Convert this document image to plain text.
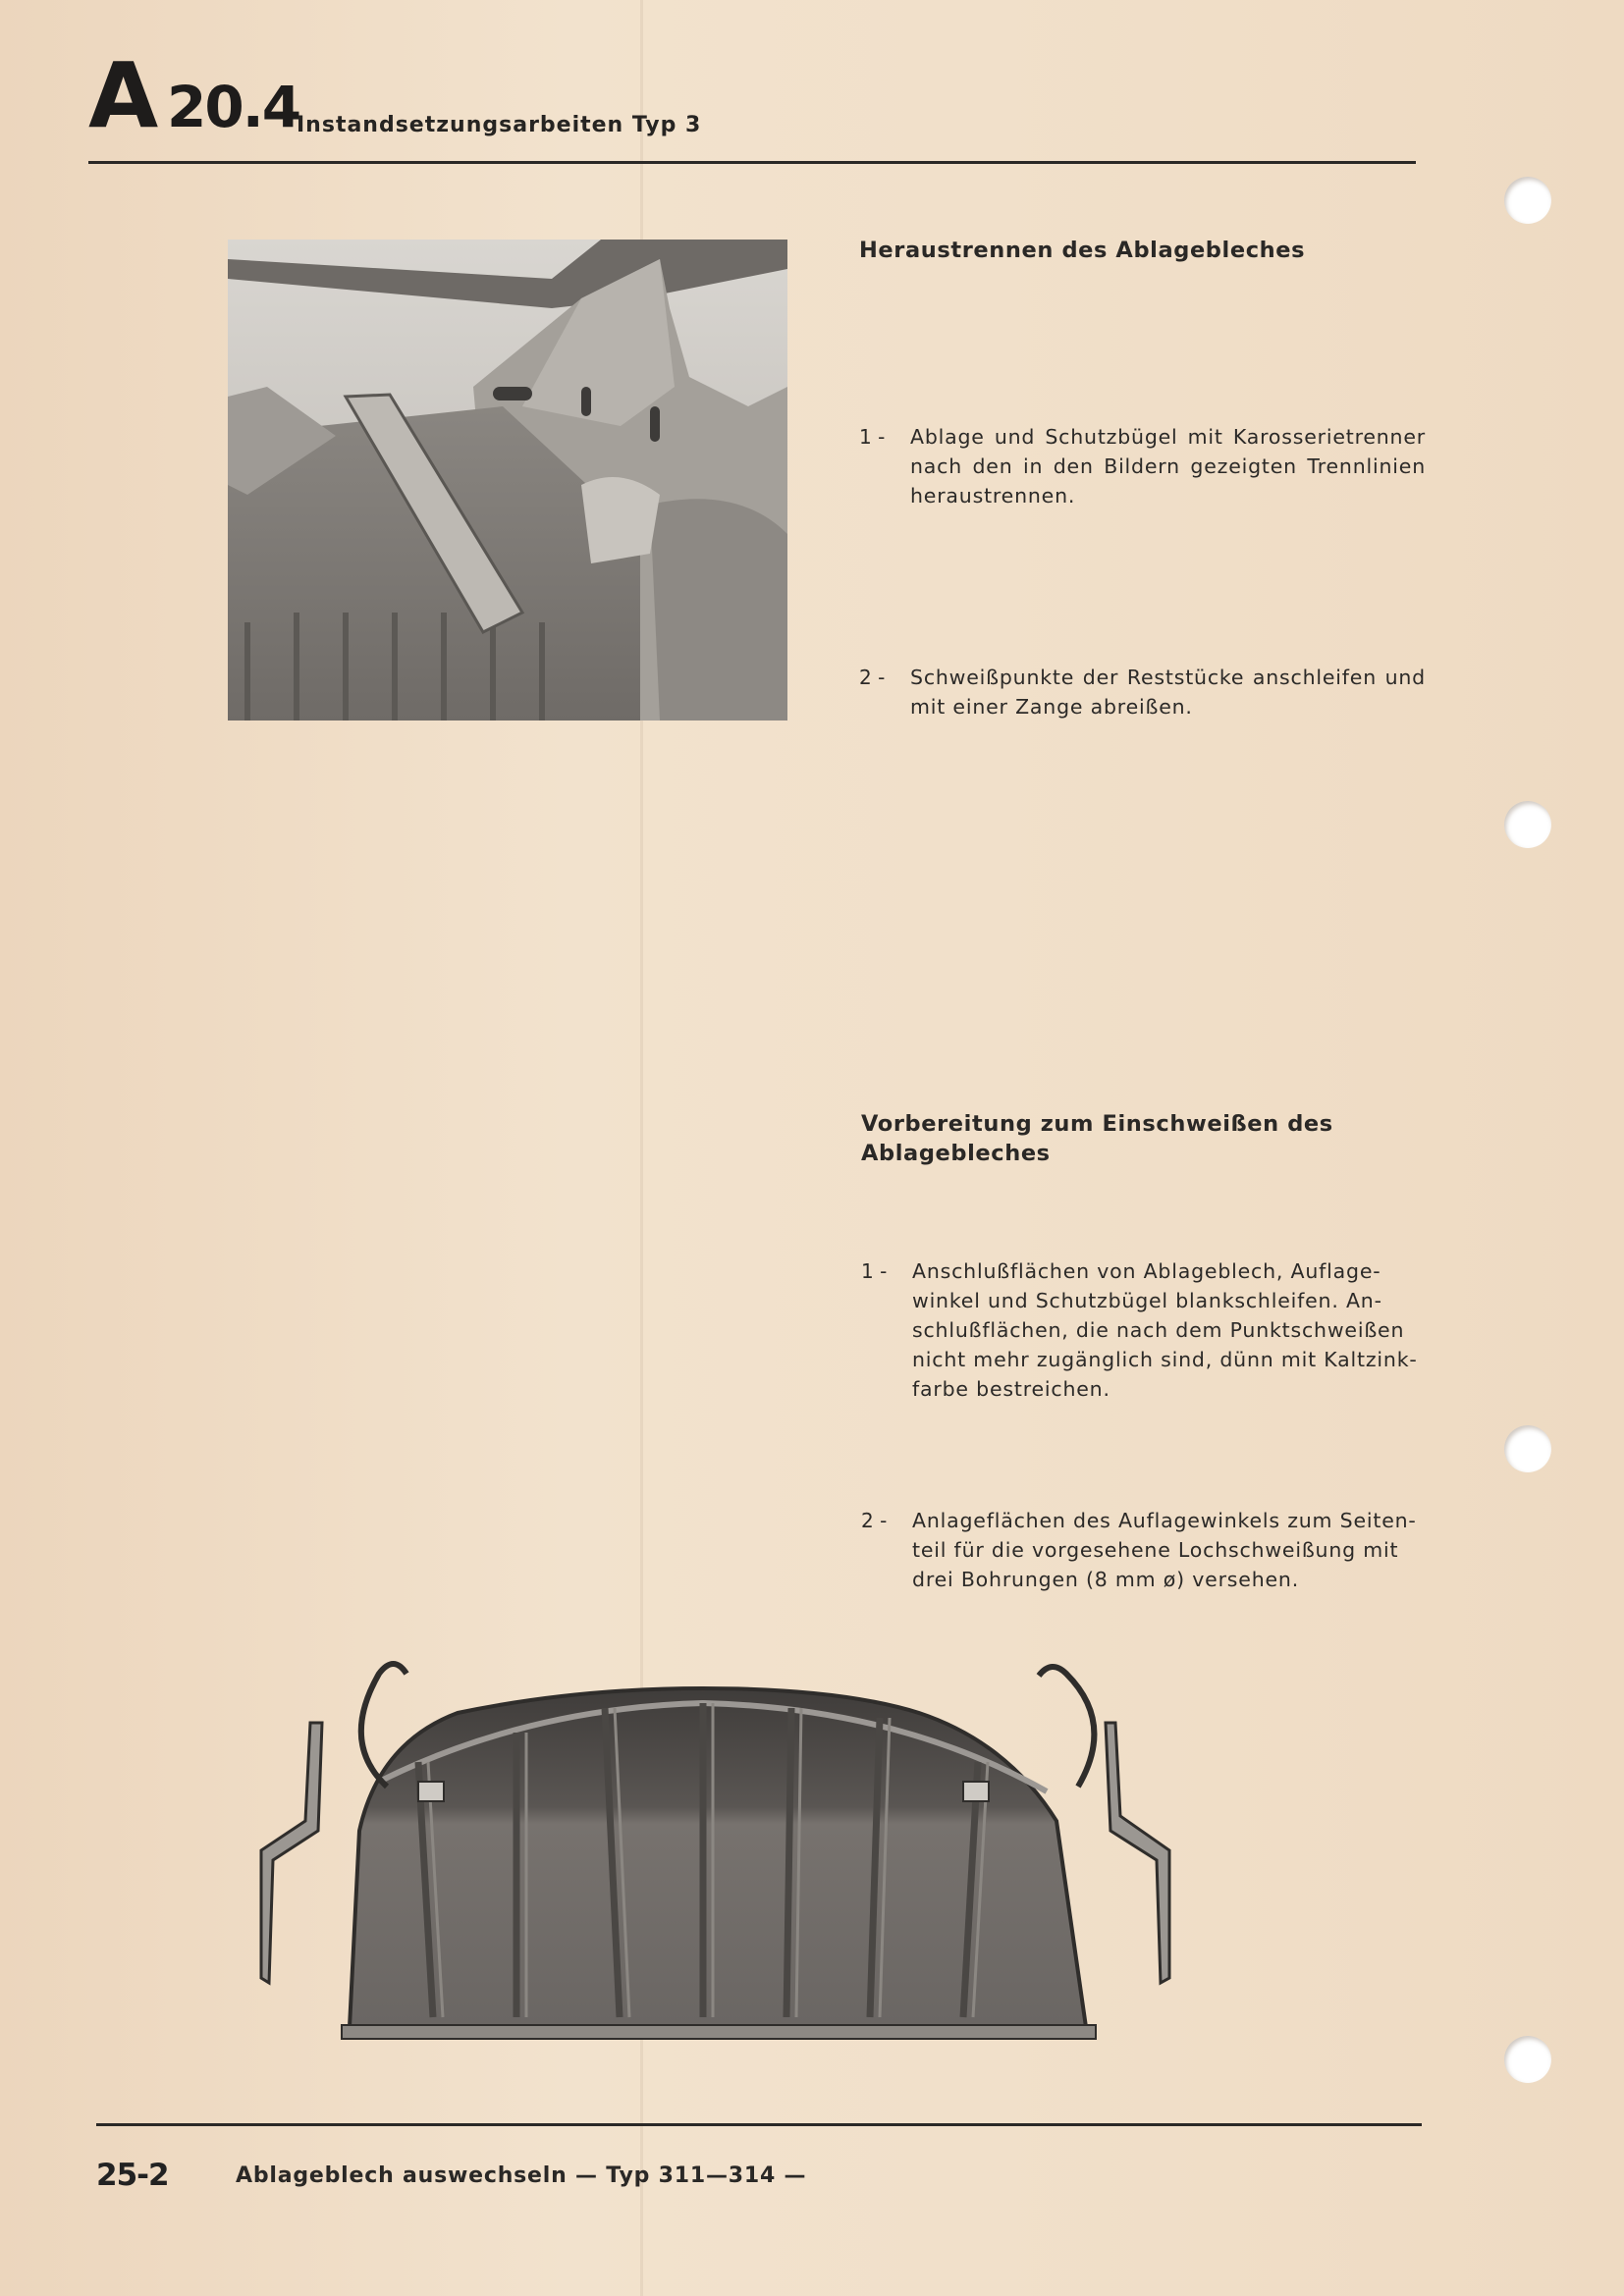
A 20.4
Instandsetzungsarbeiten Typ 3
Heraustrennen des Ablagebleches
1 - Ablage und Schutzbügel mit Karosserietrenner nach den in den Bildern gezeigten Trennlinien heraustrennen.
2 - Schweißpunkte der Reststücke anschleifen und mit einer Zange abreißen.
Vorbereitung zum Einschweißen des
Ablagebleches
1 - Anschlußflächen von Ablageblech, Auflage-
winkel und Schutzbügel blankschleifen. An-
schlußflächen, die nach dem Punktschweißen
nicht mehr zugänglich sind, dünn mit Kaltzink-
farbe bestreichen.
2 - Anlageflächen des Auflagewinkels zum Seiten-
teil für die vorgesehene Lochschweißung mit
drei Bohrungen (8 mm ø) versehen.
25-2	Ablageblech auswechseln — Typ 311—314 —
